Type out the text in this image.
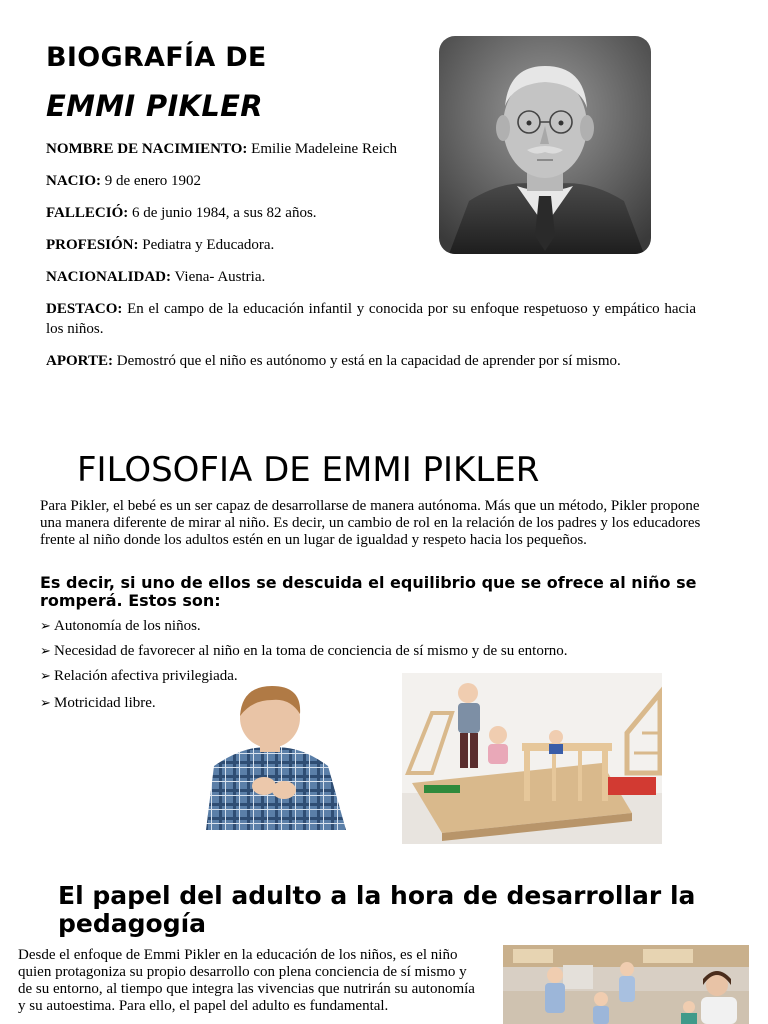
BIOGRAFÍA DE
EMMI PIKLER
NOMBRE DE NACIMIENTO: Emilie Madeleine Reich
NACIO: 9 de enero 1902
FALLECIÓ: 6 de junio 1984, a sus 82 años.
PROFESIÓN: Pediatra y Educadora.
NACIONALIDAD: Viena- Austria.
DESTACO: En el campo de la educación infantil y conocida por su enfoque respetuoso y empático hacia los niños.
APORTE: Demostró que el niño es autónomo y está en la capacidad de aprender por sí mismo.
FILOSOFIA DE EMMI PIKLER
Para Pikler, el bebé es un ser capaz de desarrollarse de manera autónoma. Más que un método, Pikler propone una manera diferente de mirar al niño. Es decir, un cambio de rol en la relación de los padres y los educadores frente al niño donde los adultos estén en un lugar de igualdad y respeto hacia los pequeños.
Es decir, si uno de ellos se descuida el equilibrio que se ofrece al niño se romperá. Estos son:
➢ Autonomía de los niños.
➢ Necesidad de favorecer al niño en la toma de conciencia de sí mismo y de su entorno.
➢ Relación afectiva privilegiada.
➢ Motricidad libre.
El papel del adulto a la hora de desarrollar la pedagogía
Desde el enfoque de Emmi Pikler en la educación de los niños, es el niño quien protagoniza su propio desarrollo con plena conciencia de sí mismo y de su entorno, al tiempo que integra las vivencias que nutrirán su autonomía y su autoestima. Para ello, el papel del adulto es fundamental.
